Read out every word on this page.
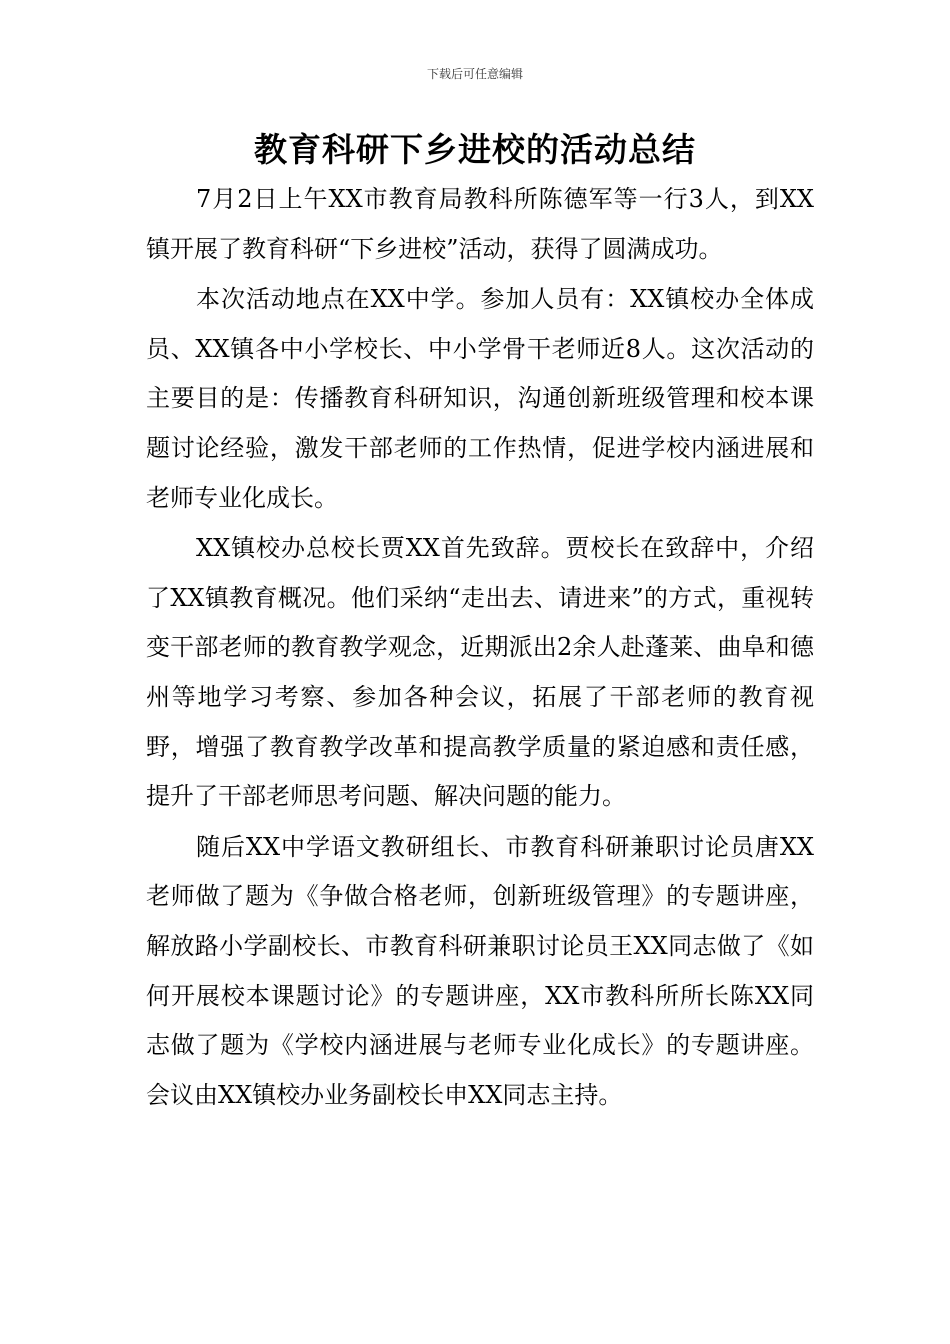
下载后可任意编辑
教育科研下乡进校的活动总结

7月2日上午XX市教育局教科所陈德军等一行3人，到XX镇开展了教育科研“下乡进校”活动，获得了圆满成功。

本次活动地点在XX中学。参加人员有：XX镇校办全体成员、XX镇各中小学校长、中小学骨干老师近8人。这次活动的主要目的是：传播教育科研知识，沟通创新班级管理和校本课题讨论经验，激发干部老师的工作热情，促进学校内涵进展和老师专业化成长。

XX镇校办总校长贾XX首先致辞。贾校长在致辞中，介绍了XX镇教育概况。他们采纳“走出去、请进来”的方式，重视转变干部老师的教育教学观念，近期派出2余人赴蓬莱、曲阜和德州等地学习考察、参加各种会议，拓展了干部老师的教育视野，增强了教育教学改革和提高教学质量的紧迫感和责任感，提升了干部老师思考问题、解决问题的能力。

随后XX中学语文教研组长、市教育科研兼职讨论员唐XX老师做了题为《争做合格老师，创新班级管理》的专题讲座，解放路小学副校长、市教育科研兼职讨论员王XX同志做了《如何开展校本课题讨论》的专题讲座，XX市教科所所长陈XX同志做了题为《学校内涵进展与老师专业化成长》的专题讲座。会议由XX镇校办业务副校长申XX同志主持。
